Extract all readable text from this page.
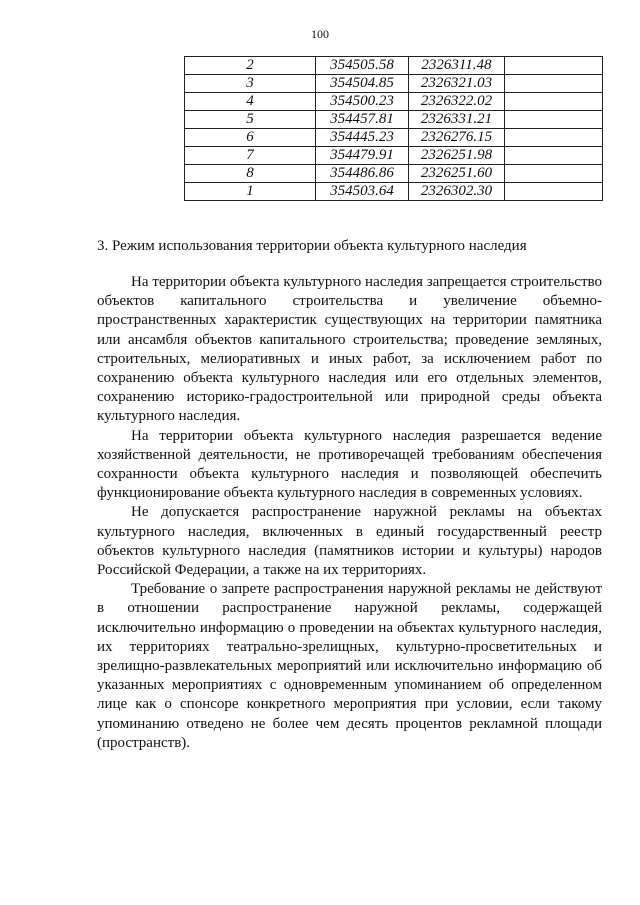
100
2	354505.58	2326311.48	
3	354504.85	2326321.03	
4	354500.23	2326322.02	
5	354457.81	2326331.21	
6	354445.23	2326276.15	
7	354479.91	2326251.98	
8	354486.86	2326251.60	
1	354503.64	2326302.30	
3. Режим использования территории объекта культурного наследия

На территории объекта культурного наследия запрещается строительство объектов капитального строительства и увеличение объемно-пространственных характеристик существующих на территории памятника или ансамбля объектов капитального строительства; проведение земляных, строительных, мелиоративных и иных работ, за исключением работ по сохранению объекта культурного наследия или его отдельных элементов, сохранению историко-градостроительной или природной среды объекта культурного наследия.

На территории объекта культурного наследия разрешается ведение хозяйственной деятельности, не противоречащей требованиям обеспечения сохранности объекта культурного наследия и позволяющей обеспечить функционирование объекта культурного наследия в современных условиях.

Не допускается распространение наружной рекламы на объектах культурного наследия, включенных в единый государственный реестр объектов культурного наследия (памятников истории и культуры) народов Российской Федерации, а также на их территориях.

Требование о запрете распространения наружной рекламы не действуют в отношении распространение наружной рекламы, содержащей исключительно информацию о проведении на объектах культурного наследия, их территориях театрально-зрелищных, культурно-просветительных и зрелищно-развлекательных мероприятий или исключительно информацию об указанных мероприятиях с одновременным упоминанием об определенном лице как о спонсоре конкретного мероприятия при условии, если такому упоминанию отведено не более чем десять процентов рекламной площади (пространств).
